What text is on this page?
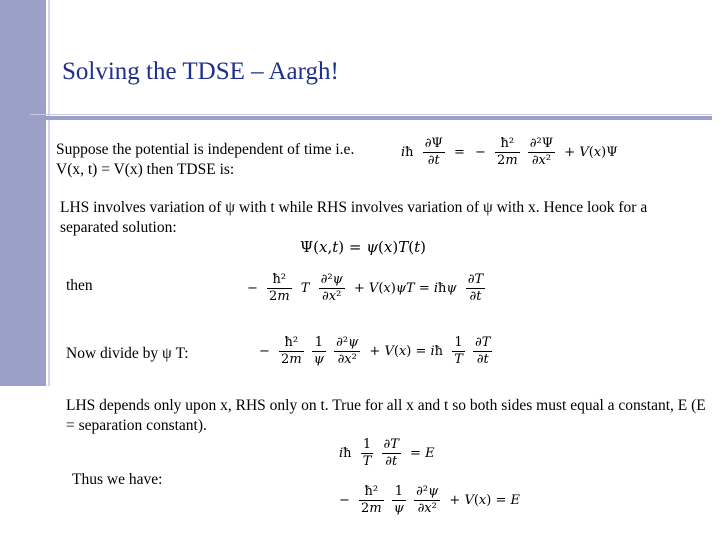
Solving the TDSE – Aargh!
Suppose the potential is independent of time i.e. V(x, t) = V(x) then TDSE is:
iħ $\frac{\partial\Psi}{\partial t}$ = − $\frac{\text{ħ²}}{2m}$
$\frac{\text{∂²Ψ}}{\text{∂x²}} + V(x)\Psi$
LHS involves variation of ψ with t while RHS involves variation of ψ with x. Hence look for a separated solution:
Ψ(x,t) = ψ(x)T(t)
then	− $\frac{\text{ħ²}}{2m}$ T $\frac{\text{∂²ψ}}{\text{∂x²}} + V(x)\psi T$ = iħψ $\frac{\partial T}{\partial t}$
Now divide by ψ T:	− $\frac{\text{ħ²}}{2m}$
$\frac{1}{\psi}$
$\frac{\text{∂²ψ}}{\text{∂x²}} + V(x)$ = iħ $\frac{1}{T}$
$\frac{\partial T}{\partial t}$
LHS depends only upon x, RHS only on t. True for all x and t so both sides must equal a constant, E (E = separation constant).
iħ $\frac{1}{T}$
$\frac{\partial T}{\partial t} = E$
Thus we have:
− $\frac{\text{ħ²}}{2m}$
$\frac{1}{\psi}$
$\frac{\text{∂²ψ}}{\text{∂x²}} + V(x) = E$
